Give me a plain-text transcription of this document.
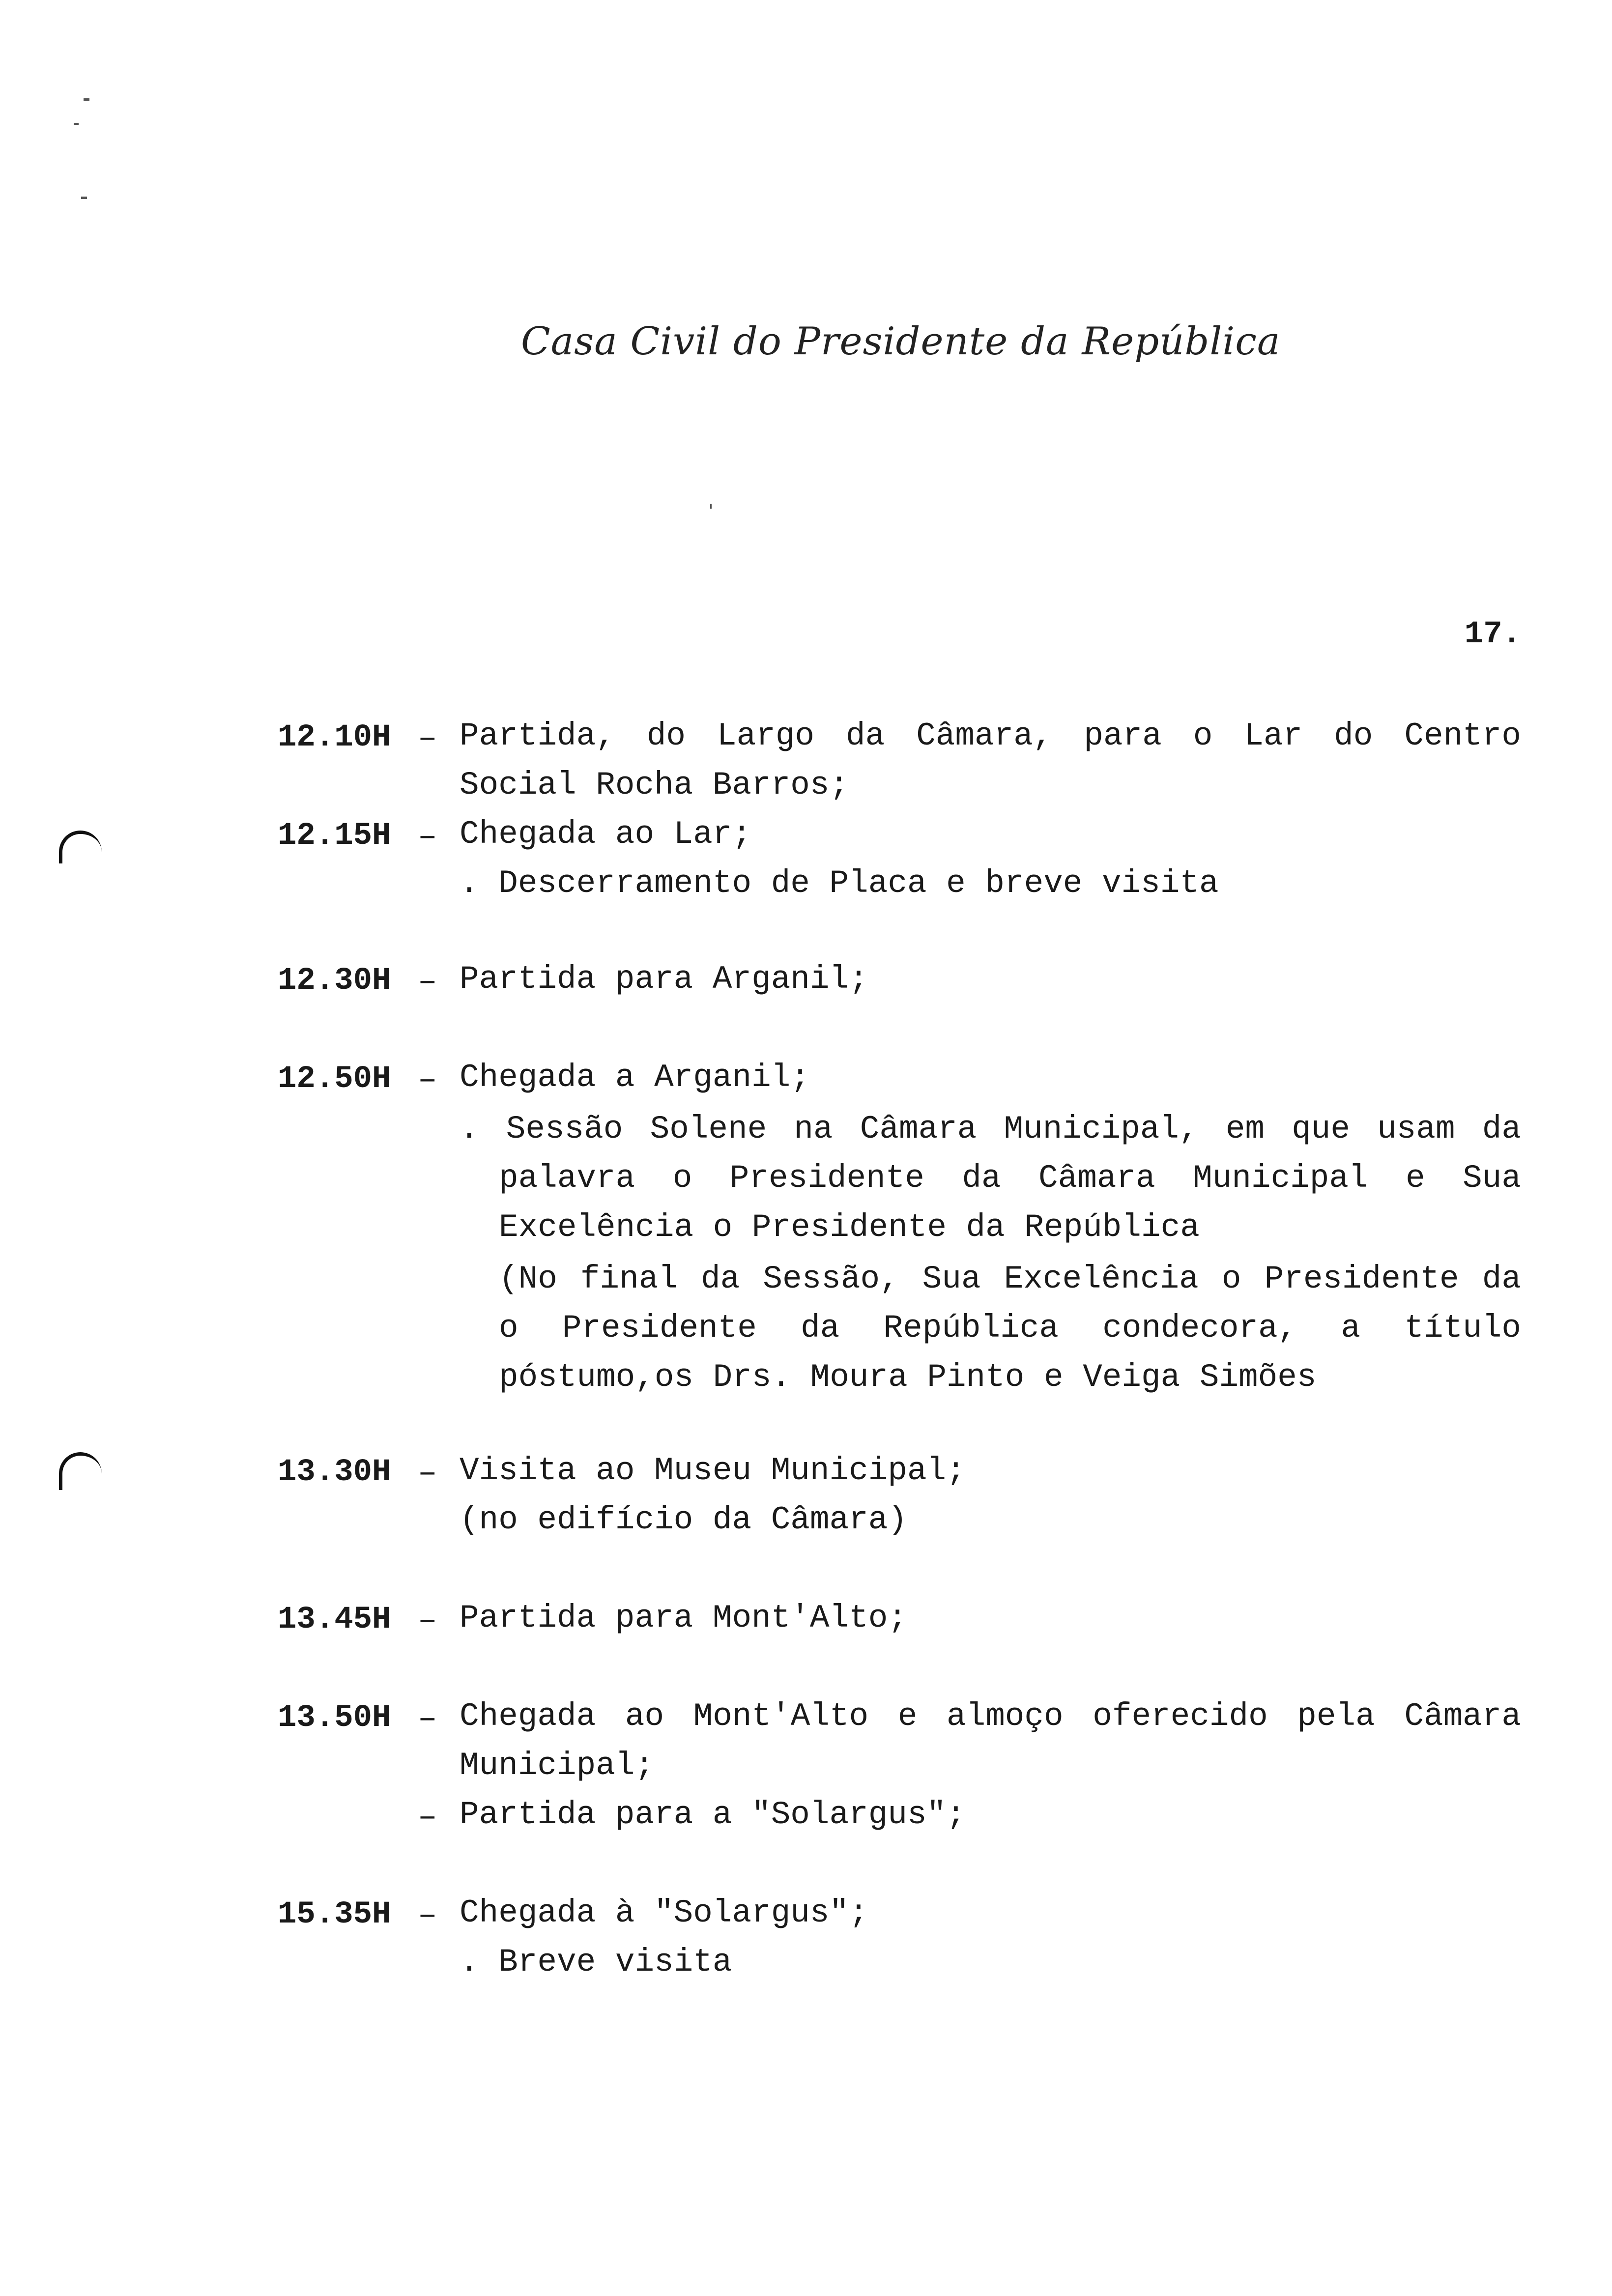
Casa Civil do Presidente da República
17.
12.10H – Partida, do Largo da Câmara, para o Lar do Centro
Social Rocha Barros;
12.15H – Chegada ao Lar;
. Descerramento de Placa e breve visita
12.30H – Partida para Arganil;
12.50H – Chegada a Arganil;
. Sessão Solene na Câmara Municipal, em que usam da
palavra o Presidente da Câmara Municipal e Sua
Excelência o Presidente da República
(No final da Sessão, Sua Excelência o Presidente da
o Presidente da República condecora, a título
póstumo,os Drs. Moura Pinto e Veiga Simões
13.30H – Visita ao Museu Municipal;
(no edifício da Câmara)
13.45H – Partida para Mont'Alto;
13.50H – Chegada ao Mont'Alto e almoço oferecido pela Câmara
Municipal;
– Partida para a "Solargus";
15.35H – Chegada à "Solargus";
. Breve visita
